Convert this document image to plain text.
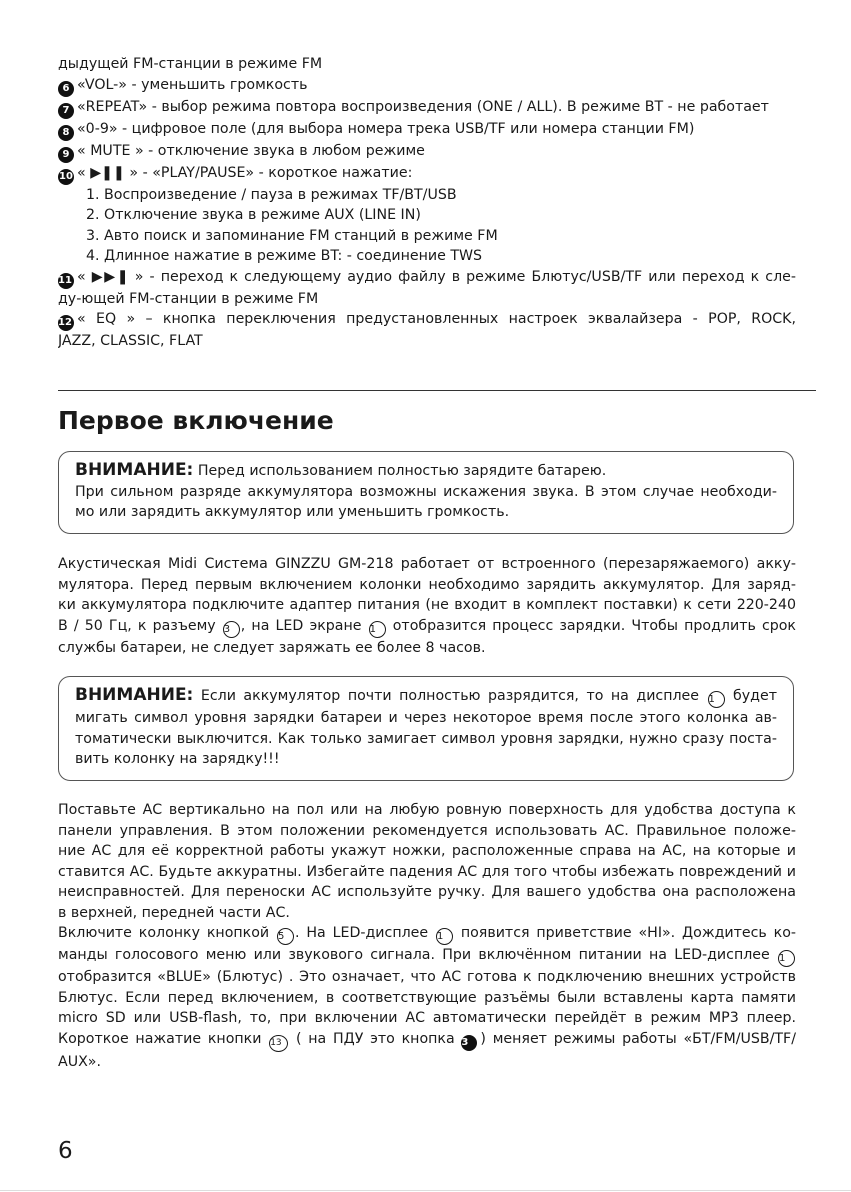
дыдущей FM-станции в режиме FM

6 «VOL-» - уменьшить громкость

7 «REPEAT» - выбор режима повтора воспроизведения (ONE / ALL). В режиме BT - не работает

8 «0-9» - цифровое поле (для выбора номера трека USB/TF или номера станции FM)

9 « MUTE » - отключение звука в любом режиме

10 « ▶❚❚ » - «PLAY/PAUSE» - короткое нажатие:

1. Воспроизведение / пауза в режимах TF/BT/USB

2. Отключение звука в режиме AUX (LINE IN)

3. Авто поиск и запоминание FM станций в режиме FM

4. Длинное нажатие в режиме BT: - соединение TWS

11 « ▶▶❚ » - переход к следующему аудио файлу в режиме Блютус/USB/TF или переход к сле-

ду-ющей FM-станции в режиме FM

12 « EQ » – кнопка переключения предустановленных настроек эквалайзера - POP, ROCK,

JAZZ, CLASSIC, FLAT

Первое включение

ВНИМАНИЕ: Перед использованием полностью зарядите батарею.

При сильном разряде аккумулятора возможны искажения звука. В этом случае необходи-

мо или зарядить аккумулятор или уменьшить громкость.

Акустическая Midi Система GINZZU GM-218 работает от встроенного (перезаряжаемого) акку-

мулятора. Перед первым включением колонки необходимо зарядить аккумулятор. Для заряд-

ки аккумулятора подключите адаптер питания (не входит в комплект поставки) к сети 220-240

В / 50 Гц, к разъему 3 , на LED экране 1 отобразится процесс зарядки. Чтобы продлить срок

службы батареи, не следует заряжать ее более 8 часов.

ВНИМАНИЕ: Если аккумулятор почти полностью разрядится, то на дисплее 1 будет

мигать символ уровня зарядки батареи и через некоторое время после этого колонка ав-

томатически выключится. Как только замигает символ уровня зарядки, нужно сразу поста-

вить колонку на зарядку!!!

Поставьте АС вертикально на пол или на любую ровную поверхность для удобства доступа к

панели управления. В этом положении рекомендуется использовать АС. Правильное положе-

ние АС для её корректной работы укажут ножки, расположенные справа на АС, на которые и

ставится АС. Будьте аккуратны. Избегайте падения АС для того чтобы избежать повреждений и

неисправностей. Для переноски АС используйте ручку. Для вашего удобства она расположена

в верхней, передней части АС.

Включите колонку кнопкой 5 . На LED-дисплее 1 появится приветствие «HI». Дождитесь ко-

манды голосового меню или звукового сигнала. При включённом питании на LED-дисплее 1

отобразится «BLUE» (Блютус) . Это означает, что АС готова к подключению внешних устройств

Блютус. Если перед включением, в соответствующие разъёмы были вставлены карта памяти

micro SD или USB-flash, то, при включении АС автоматически перейдёт в режим MP3 плеер.

Короткое нажатие кнопки 13 ( на ПДУ это кнопка 3 ) меняет режимы работы «БТ/FM/USB/TF/

AUX».

6
